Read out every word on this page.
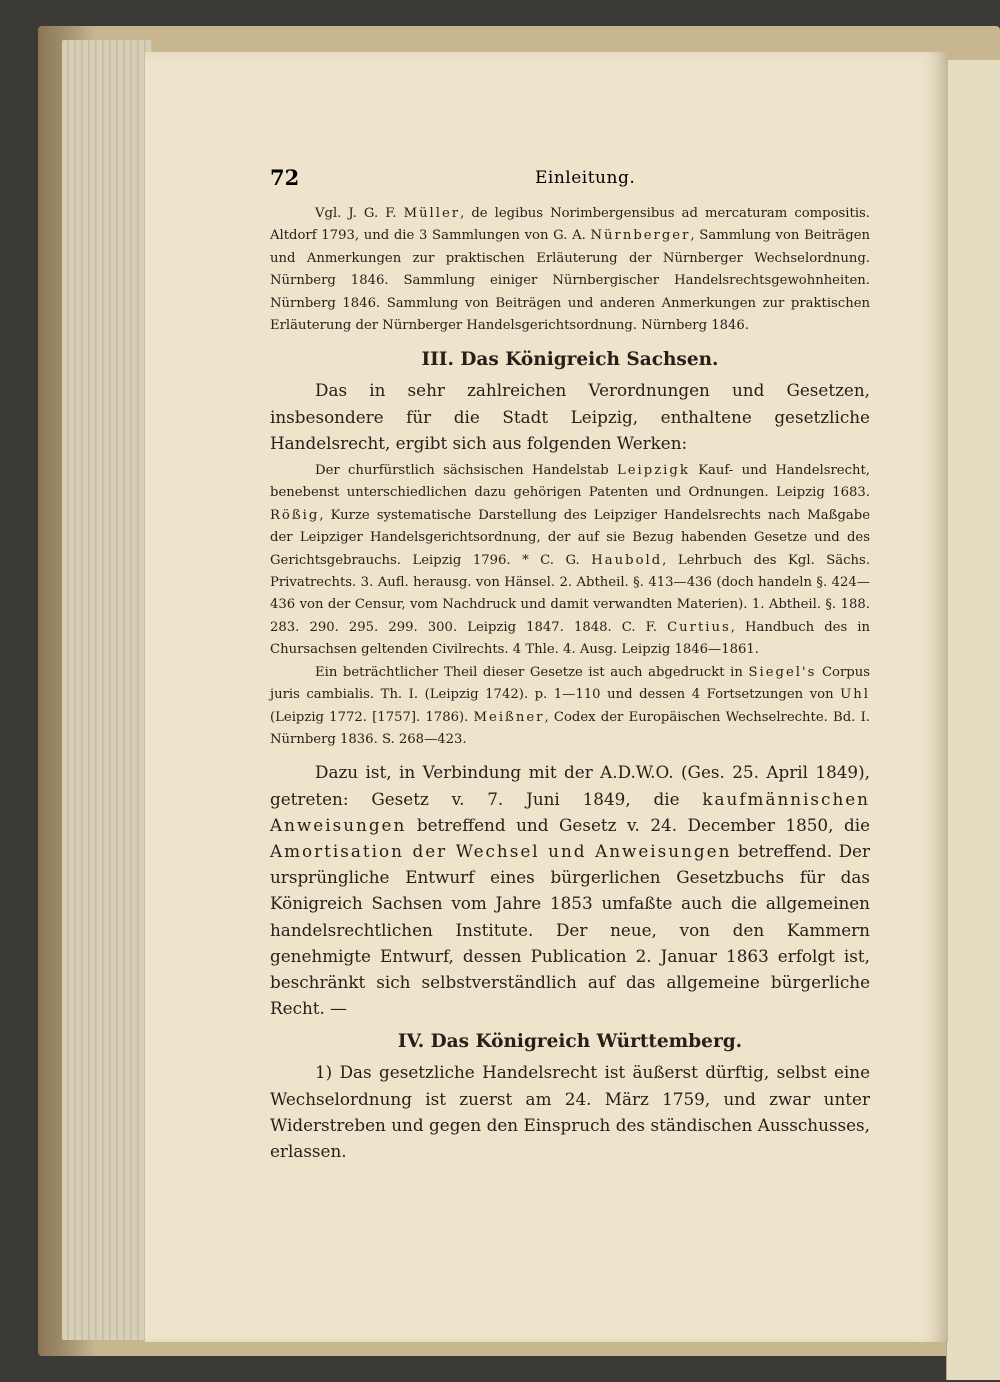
72	Einleitung.

Vgl. J. G. F. Müller, de legibus Norimbergensibus ad mercaturam compositis. Altdorf 1793, und die 3 Sammlungen von G. A. Nürnberger, Sammlung von Beiträgen und Anmerkungen zur praktischen Erläuterung der Nürnberger Wechselordnung. Nürnberg 1846. Sammlung einiger Nürnbergischer Handelsrechtsgewohnheiten. Nürnberg 1846. Sammlung von Beiträgen und anderen Anmerkungen zur praktischen Erläuterung der Nürnberger Handelsgerichtsordnung. Nürnberg 1846.

III. Das Königreich Sachsen.

Das in sehr zahlreichen Verordnungen und Gesetzen, insbesondere für die Stadt Leipzig, enthaltene gesetzliche Handelsrecht, ergibt sich aus folgenden Werken:

Der churfürstlich sächsischen Handelstab Leipzigk Kauf- und Handelsrecht, benebenst unterschiedlichen dazu gehörigen Patenten und Ordnungen. Leipzig 1683. Rößig, Kurze systematische Darstellung des Leipziger Handelsrechts nach Maßgabe der Leipziger Handelsgerichtsordnung, der auf sie Bezug habenden Gesetze und des Gerichtsgebrauchs. Leipzig 1796. * C. G. Haubold, Lehrbuch des Kgl. Sächs. Privatrechts. 3. Aufl. herausg. von Hänsel. 2. Abtheil. §. 413—436 (doch handeln §. 424—436 von der Censur, vom Nachdruck und damit verwandten Materien). 1. Abtheil. §. 188. 283. 290. 295. 299. 300. Leipzig 1847. 1848. C. F. Curtius, Handbuch des in Chursachsen geltenden Civilrechts. 4 Thle. 4. Ausg. Leipzig 1846—1861.

Ein beträchtlicher Theil dieser Gesetze ist auch abgedruckt in Siegel's Corpus juris cambialis. Th. I. (Leipzig 1742). p. 1—110 und dessen 4 Fortsetzungen von Uhl (Leipzig 1772. [1757]. 1786). Meißner, Codex der Europäischen Wechselrechte. Bd. I. Nürnberg 1836. S. 268—423.

Dazu ist, in Verbindung mit der A.D.W.O. (Ges. 25. April 1849), getreten: Gesetz v. 7. Juni 1849, die kaufmännischen Anweisungen betreffend und Gesetz v. 24. December 1850, die Amortisation der Wechsel und Anweisungen betreffend. Der ursprüngliche Entwurf eines bürgerlichen Gesetzbuchs für das Königreich Sachsen vom Jahre 1853 umfaßte auch die allgemeinen handelsrechtlichen Institute. Der neue, von den Kammern genehmigte Entwurf, dessen Publication 2. Januar 1863 erfolgt ist, beschränkt sich selbstverständlich auf das allgemeine bürgerliche Recht. —

IV. Das Königreich Württemberg.

1) Das gesetzliche Handelsrecht ist äußerst dürftig, selbst eine Wechselordnung ist zuerst am 24. März 1759, und zwar unter Widerstreben und gegen den Einspruch des ständischen Ausschusses, erlassen.
